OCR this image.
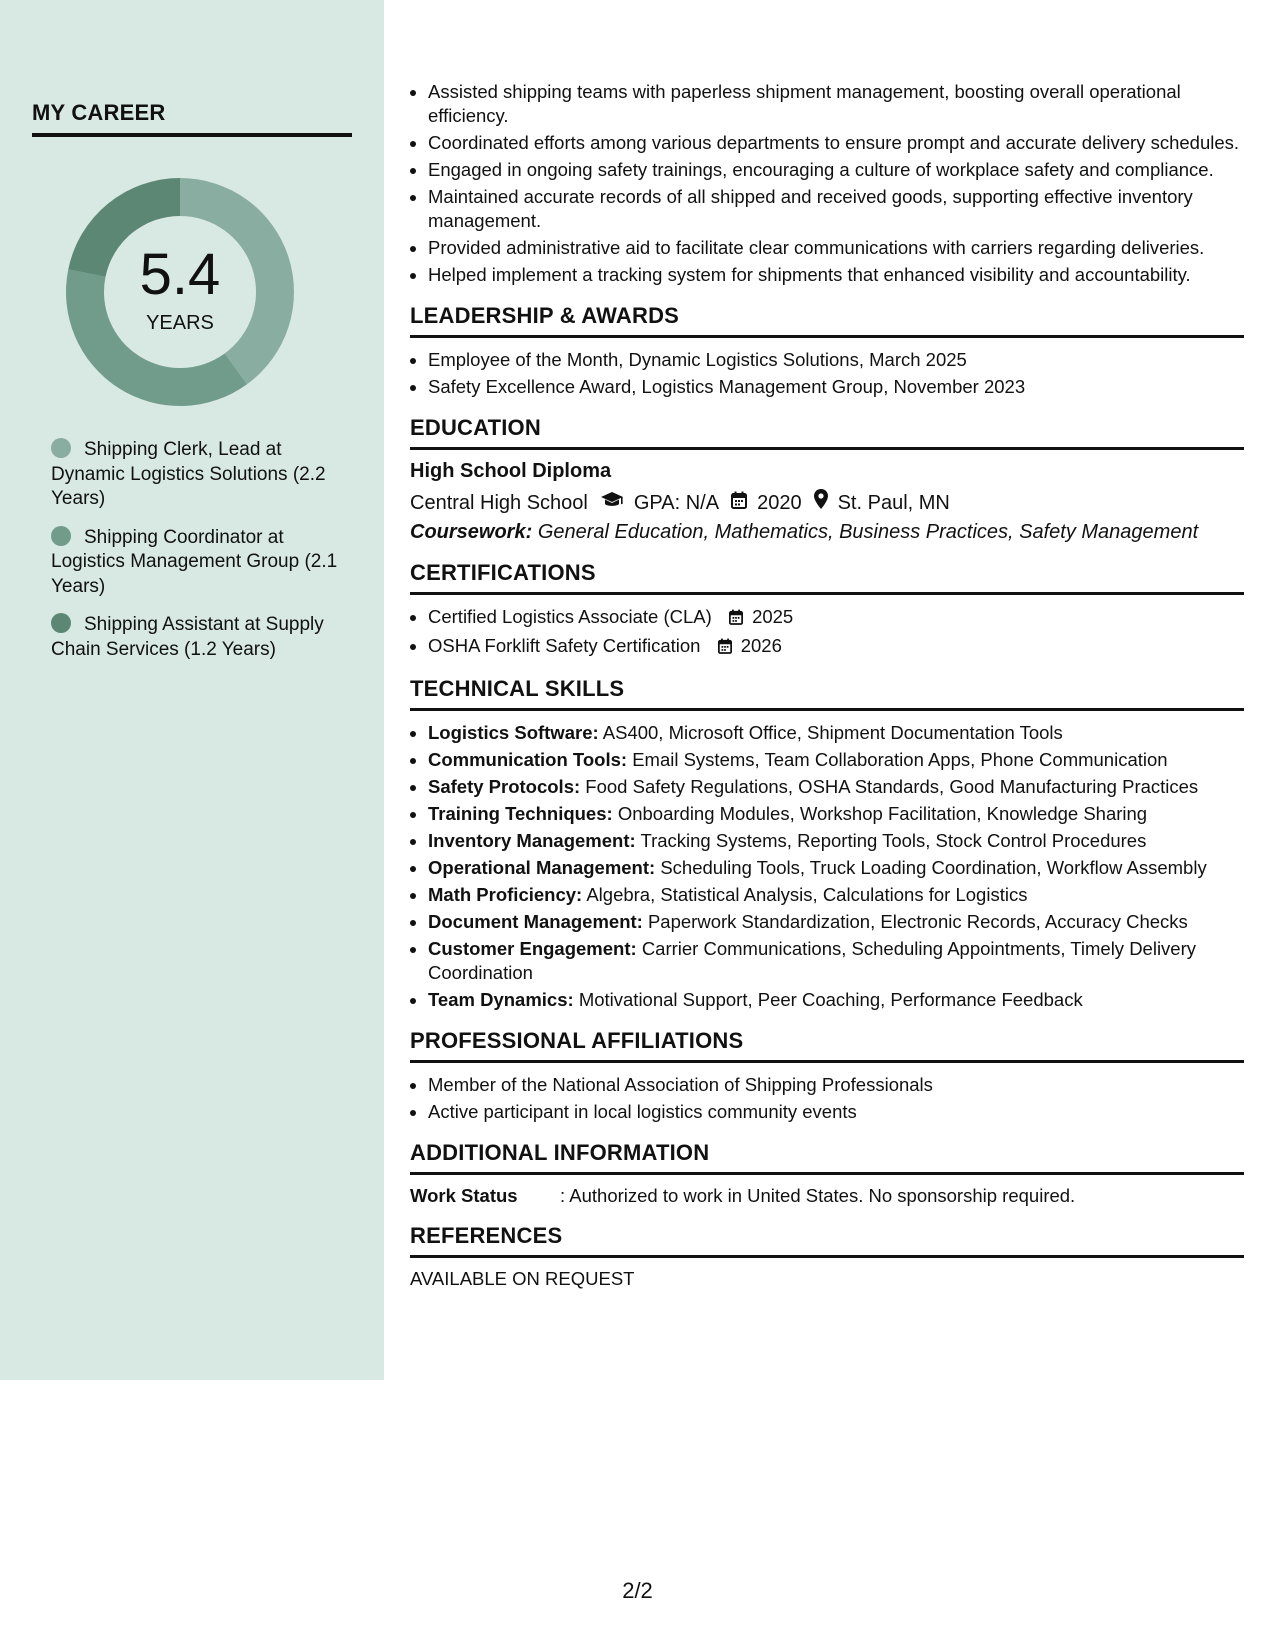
MY CAREER
5.4
YEARS
Shipping Clerk, Lead at Dynamic Logistics Solutions (2.2 Years)
Shipping Coordinator at Logistics Management Group (2.1 Years)
Shipping Assistant at Supply Chain Services (1.2 Years)
• Assisted shipping teams with paperless shipment management, boosting overall operational efficiency.
• Coordinated efforts among various departments to ensure prompt and accurate delivery schedules.
• Engaged in ongoing safety trainings, encouraging a culture of workplace safety and compliance.
• Maintained accurate records of all shipped and received goods, supporting effective inventory management.
• Provided administrative aid to facilitate clear communications with carriers regarding deliveries.
• Helped implement a tracking system for shipments that enhanced visibility and accountability.
LEADERSHIP & AWARDS
• Employee of the Month, Dynamic Logistics Solutions, March 2025
• Safety Excellence Award, Logistics Management Group, November 2023
EDUCATION
High School Diploma
Central High School GPA: N/A 2020 St. Paul, MN
Coursework: General Education, Mathematics, Business Practices, Safety Management
CERTIFICATIONS
• Certified Logistics Associate (CLA) 2025
• OSHA Forklift Safety Certification 2026
TECHNICAL SKILLS
• Logistics Software: AS400, Microsoft Office, Shipment Documentation Tools
• Communication Tools: Email Systems, Team Collaboration Apps, Phone Communication
• Safety Protocols: Food Safety Regulations, OSHA Standards, Good Manufacturing Practices
• Training Techniques: Onboarding Modules, Workshop Facilitation, Knowledge Sharing
• Inventory Management: Tracking Systems, Reporting Tools, Stock Control Procedures
• Operational Management: Scheduling Tools, Truck Loading Coordination, Workflow Assembly
• Math Proficiency: Algebra, Statistical Analysis, Calculations for Logistics
• Document Management: Paperwork Standardization, Electronic Records, Accuracy Checks
• Customer Engagement: Carrier Communications, Scheduling Appointments, Timely Delivery Coordination
• Team Dynamics: Motivational Support, Peer Coaching, Performance Feedback
PROFESSIONAL AFFILIATIONS
• Member of the National Association of Shipping Professionals
• Active participant in local logistics community events
ADDITIONAL INFORMATION
Work Status	: Authorized to work in United States. No sponsorship required.
REFERENCES
AVAILABLE ON REQUEST
2/2
